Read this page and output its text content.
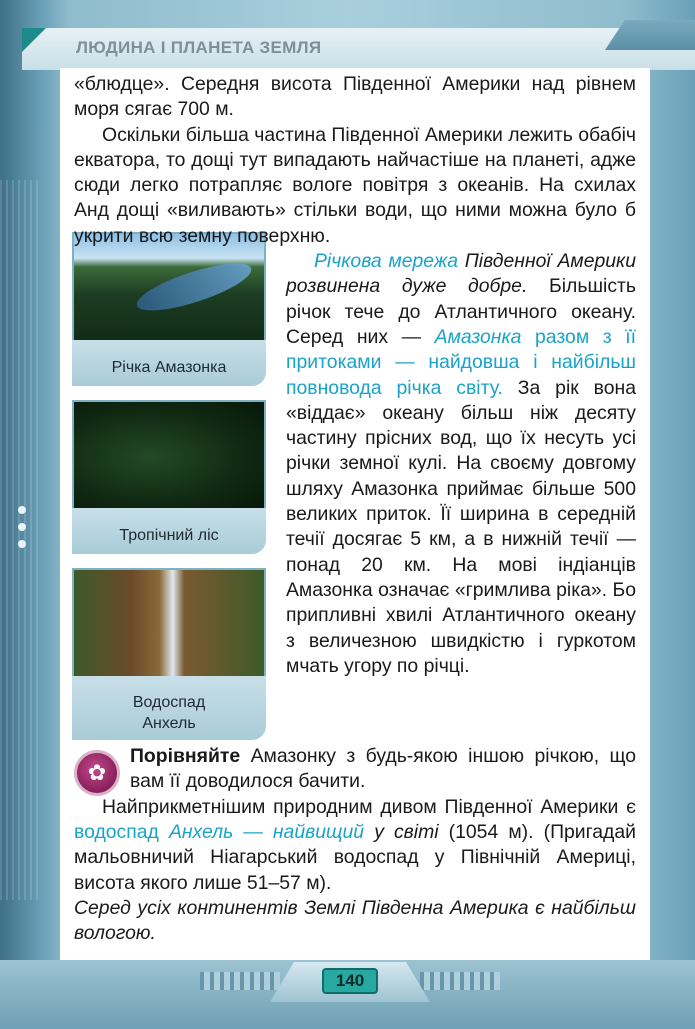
ЛЮДИНА І ПЛАНЕТА ЗЕМЛЯ
Річка Амазонка
Тропічний ліс
Водоспад
Анхель

«блюдце». Середня висота Південної Америки над рівнем моря сягає 700 м.

Оскільки більша частина Південної Америки лежить обабіч екватора, то дощі тут випадають найчастіше на планеті, адже сюди легко потрапляє вологе повітря з океанів. На схилах Анд дощі «виливають» стільки води, що ними можна було б укрити всю земну поверхню.

Річкова мережа Південної Америки розвинена дуже добре. Більшість річок тече до Атлантичного океану. Серед них — Амазонка разом з її притоками — найдовша і найбільш повновода річка світу. За рік вона «віддає» океану більш ніж десяту частину прісних вод, що їх несуть усі річки земної кулі. На своєму довгому шляху Амазонка приймає більше 500 великих приток. Її ширина в середній течії досягає 5 км, а в нижній течії — понад 20 км. На мові індіанців Амазонка означає «гримлива ріка». Бо припливні хвилі Атлантичного океану з величезною швидкістю і гуркотом мчать угору по річці.

Порівняйте Амазонку з будь-якою іншою річкою, що вам її доводилося бачити.

Найприкметнішим природним дивом Південної Америки є водоспад Анхель — найвищий у світі (1054 м). (Пригадай мальовничий Ніагарський водоспад у Північній Америці, висота якого лише 51–57 м).

Серед усіх континентів Землі Південна Америка є найбільш вологою.

✿
140
